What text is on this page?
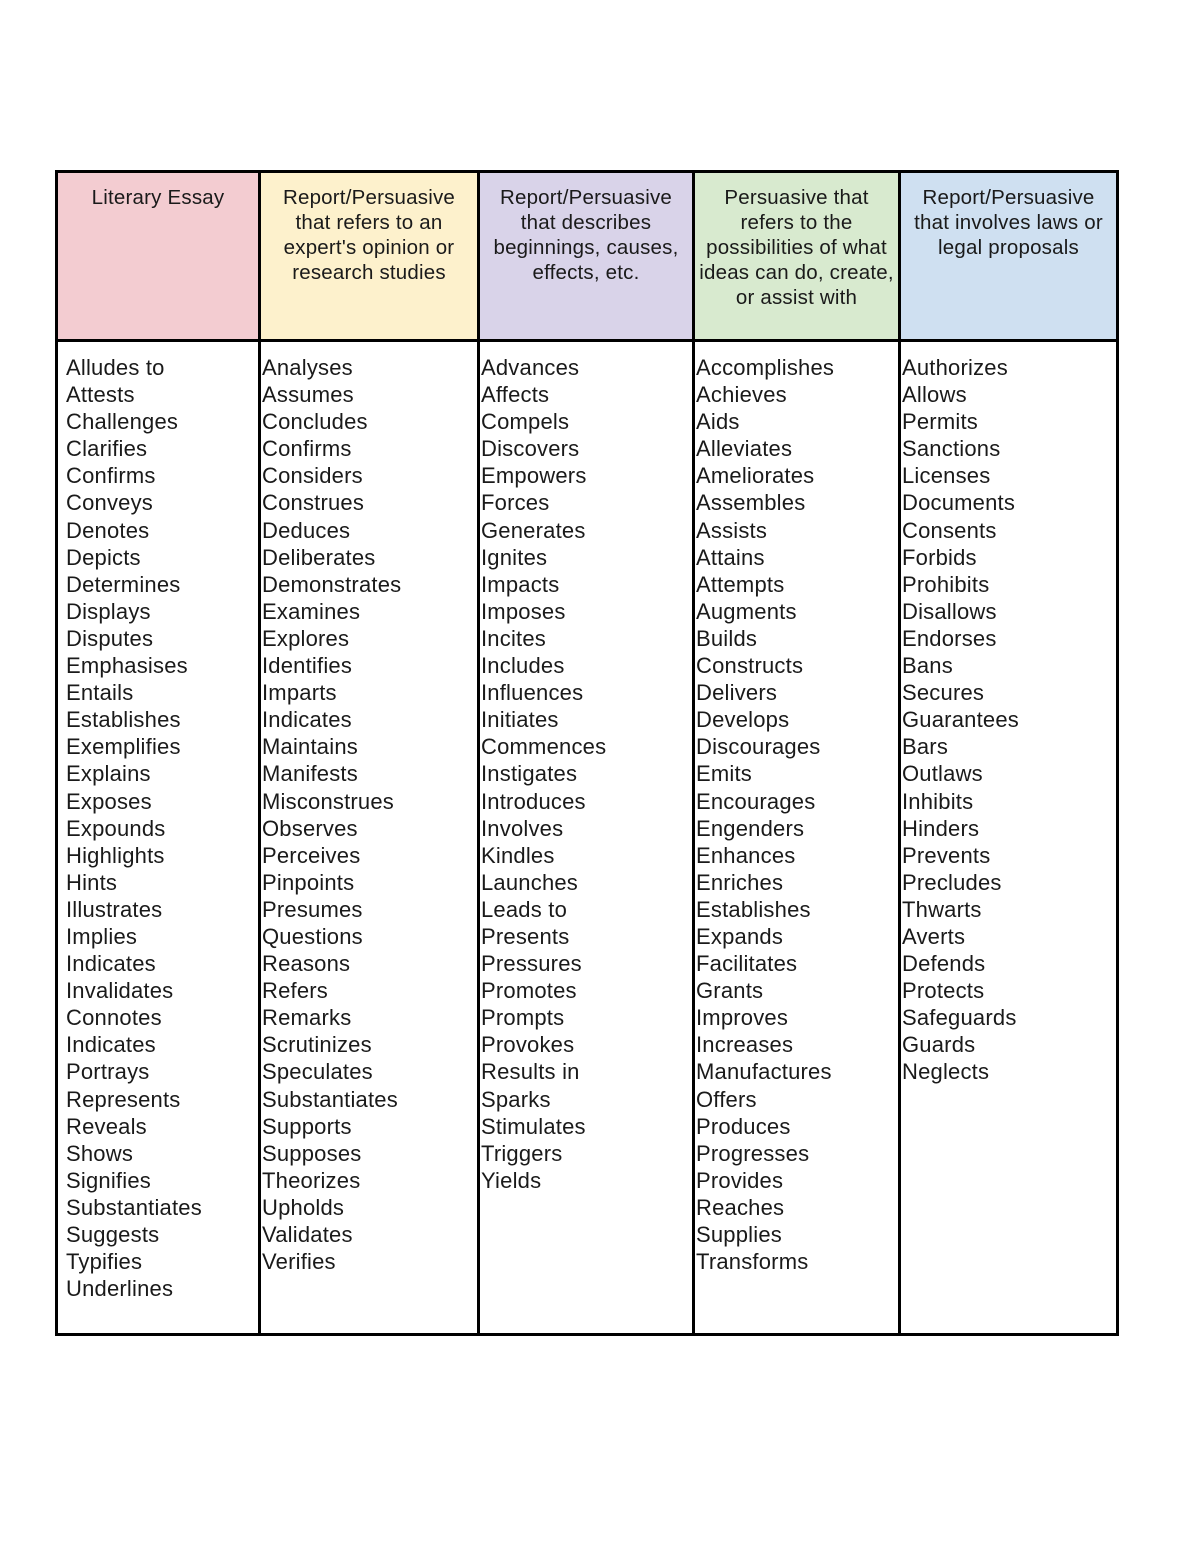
Literary Essay	Report/Persuasive that refers to an expert's opinion or research studies
Report/Persuasive that describes beginnings, causes, effects, etc.
Persuasive that refers to the possibilities of what ideas can do, create, or assist with
Report/Persuasive that involves laws or legal proposals
Alludes to
Attests
Challenges
Clarifies
Confirms
Conveys
Denotes
Depicts
Determines
Displays
Disputes
Emphasises
Entails
Establishes
Exemplifies
Explains
Exposes
Expounds
Highlights
Hints
Illustrates
Implies
Indicates
Invalidates
Connotes
Indicates
Portrays
Represents
Reveals
Shows
Signifies
Substantiates
Suggests
Typifies
Underlines
Analyses
Assumes
Concludes
Confirms
Considers
Construes
Deduces
Deliberates
Demonstrates
Examines
Explores
Identifies
Imparts
Indicates
Maintains
Manifests
Misconstrues
Observes
Perceives
Pinpoints
Presumes
Questions
Reasons
Refers
Remarks
Scrutinizes
Speculates
Substantiates
Supports
Supposes
Theorizes
Upholds
Validates
Verifies
Advances
Affects
Compels
Discovers
Empowers
Forces
Generates
Ignites
Impacts
Imposes
Incites
Includes
Influences
Initiates
Commences
Instigates
Introduces
Involves
Kindles
Launches
Leads to
Presents
Pressures
Promotes
Prompts
Provokes
Results in
Sparks
Stimulates
Triggers
Yields
Accomplishes
Achieves
Aids
Alleviates
Ameliorates
Assembles
Assists
Attains
Attempts
Augments
Builds
Constructs
Delivers
Develops
Discourages
Emits
Encourages
Engenders
Enhances
Enriches
Establishes
Expands
Facilitates
Grants
Improves
Increases
Manufactures
Offers
Produces
Progresses
Provides
Reaches
Supplies
Transforms
Authorizes
Allows
Permits
Sanctions
Licenses
Documents
Consents
Forbids
Prohibits
Disallows
Endorses
Bans
Secures
Guarantees
Bars
Outlaws
Inhibits
Hinders
Prevents
Precludes
Thwarts
Averts
Defends
Protects
Safeguards
Guards
Neglects
